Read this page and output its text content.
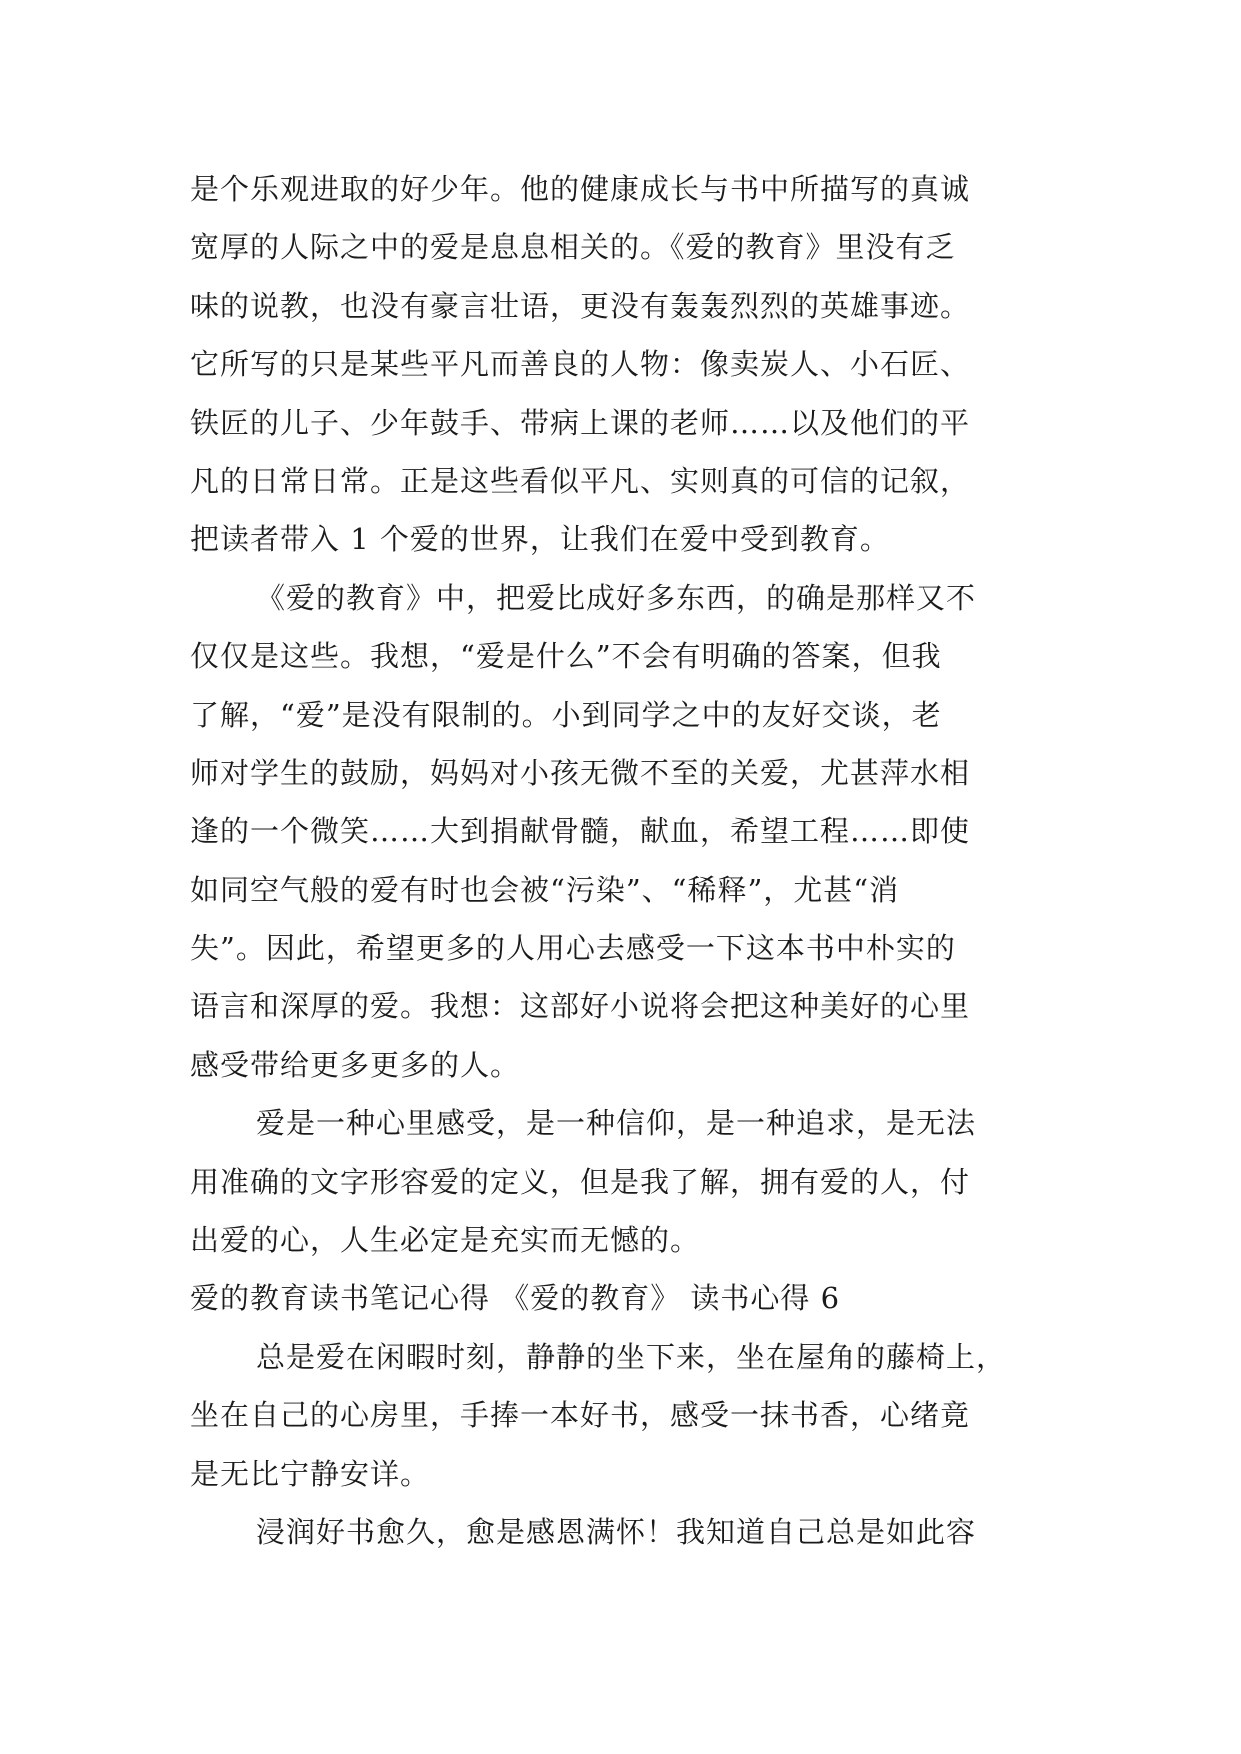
是个乐观进取的好少年。他的健康成长与书中所描写的真诚
宽厚的人际之中的爱是息息相关的。《爱的教育》里没有乏
味的说教，也没有豪言壮语，更没有轰轰烈烈的英雄事迹。
它所写的只是某些平凡而善良的人物：像卖炭人、小石匠、
铁匠的儿子、少年鼓手、带病上课的老师……以及他们的平
凡的日常日常。正是这些看似平凡、实则真的可信的记叙，
把读者带入 1 个爱的世界，让我们在爱中受到教育。
《爱的教育》中，把爱比成好多东西，的确是那样又不
仅仅是这些。我想，“爱是什么”不会有明确的答案，但我
了解，“爱”是没有限制的。小到同学之中的友好交谈，老
师对学生的鼓励，妈妈对小孩无微不至的关爱，尤甚萍水相
逢的一个微笑……大到捐献骨髓，献血，希望工程……即使
如同空气般的爱有时也会被“污染”、“稀释”，尤甚“消
失”。因此，希望更多的人用心去感受一下这本书中朴实的
语言和深厚的爱。我想：这部好小说将会把这种美好的心里
感受带给更多更多的人。
爱是一种心里感受，是一种信仰，是一种追求，是无法
用准确的文字形容爱的定义，但是我了解，拥有爱的人，付
出爱的心，人生必定是充实而无憾的。
爱的教育读书笔记心得 《爱的教育》 读书心得 6
总是爱在闲暇时刻，静静的坐下来，坐在屋角的藤椅上，
坐在自己的心房里，手捧一本好书，感受一抹书香，心绪竟
是无比宁静安详。
浸润好书愈久，愈是感恩满怀！我知道自己总是如此容
